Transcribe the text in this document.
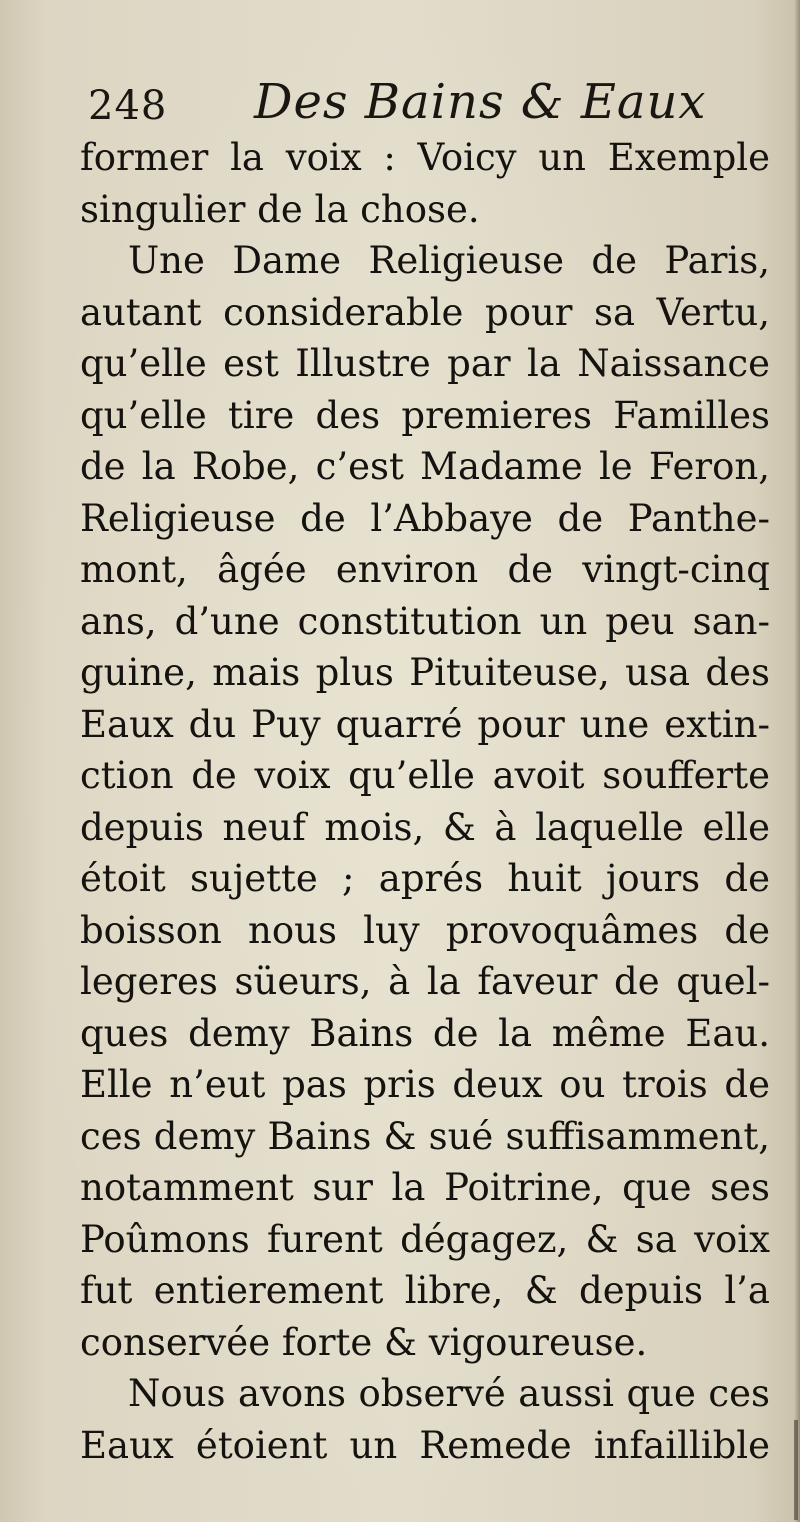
248 Des Bains & Eaux
former la voix : Voicy un Exemple
singulier de la chose.
Une Dame Religieuse de Paris,
autant considerable pour sa Vertu,
qu’elle est Illustre par la Naissance
qu’elle tire des premieres Familles
de la Robe, c’est Madame le Feron,
Religieuse de l’Abbaye de Panthe-
mont, âgée environ de vingt-cinq
ans, d’une constitution un peu san-
guine, mais plus Pituiteuse, usa des
Eaux du Puy quarré pour une extin-
ction de voix qu’elle avoit soufferte
depuis neuf mois, & à laquelle elle
étoit sujette ; aprés huit jours de
boisson nous luy provoquâmes de
legeres süeurs, à la faveur de quel-
ques demy Bains de la même Eau.
Elle n’eut pas pris deux ou trois de
ces demy Bains & sué suffisamment,
notamment sur la Poitrine, que ses
Poûmons furent dégagez, & sa voix
fut entierement libre, & depuis l’a
conservée forte & vigoureuse.
Nous avons observé aussi que ces
Eaux étoient un Remede infaillible
